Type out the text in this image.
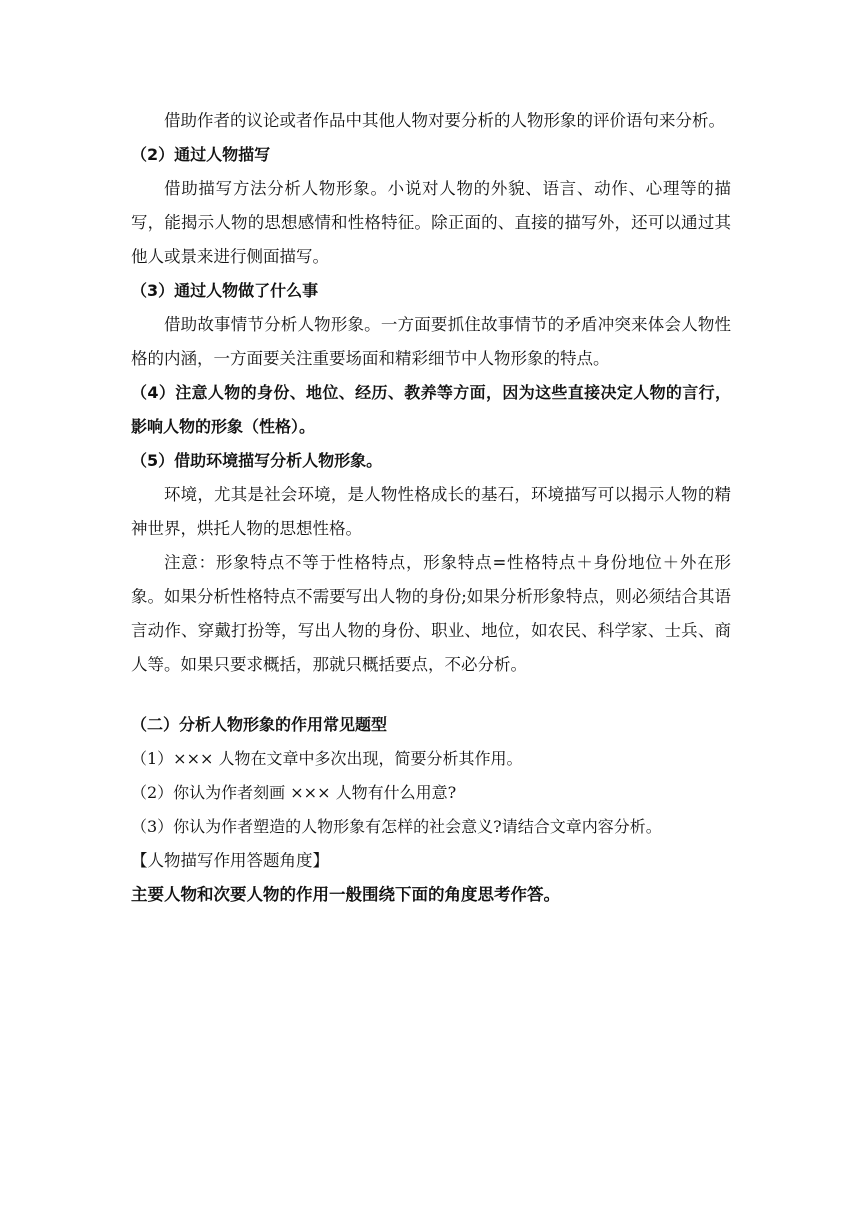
借助作者的议论或者作品中其他人物对要分析的人物形象的评价语句来分析。

（2）通过人物描写

借助描写方法分析人物形象。小说对人物的外貌、语言、动作、心理等的描写，能揭示人物的思想感情和性格特征。除正面的、直接的描写外，还可以通过其他人或景来进行侧面描写。

（3）通过人物做了什么事

借助故事情节分析人物形象。一方面要抓住故事情节的矛盾冲突来体会人物性格的内涵，一方面要关注重要场面和精彩细节中人物形象的特点。

（4）注意人物的身份、地位、经历、教养等方面，因为这些直接决定人物的言行，影响人物的形象（性格）。

（5）借助环境描写分析人物形象。

环境，尤其是社会环境，是人物性格成长的基石，环境描写可以揭示人物的精神世界，烘托人物的思想性格。

注意：形象特点不等于性格特点，形象特点=性格特点＋身份地位＋外在形象。如果分析性格特点不需要写出人物的身份;如果分析形象特点，则必须结合其语言动作、穿戴打扮等，写出人物的身份、职业、地位，如农民、科学家、士兵、商人等。如果只要求概括，那就只概括要点，不必分析。

（二）分析人物形象的作用常见题型

（1）××× 人物在文章中多次出现，简要分析其作用。

（2）你认为作者刻画 ××× 人物有什么用意?

（3）你认为作者塑造的人物形象有怎样的社会意义?请结合文章内容分析。

【人物描写作用答题角度】

主要人物和次要人物的作用一般围绕下面的角度思考作答。
